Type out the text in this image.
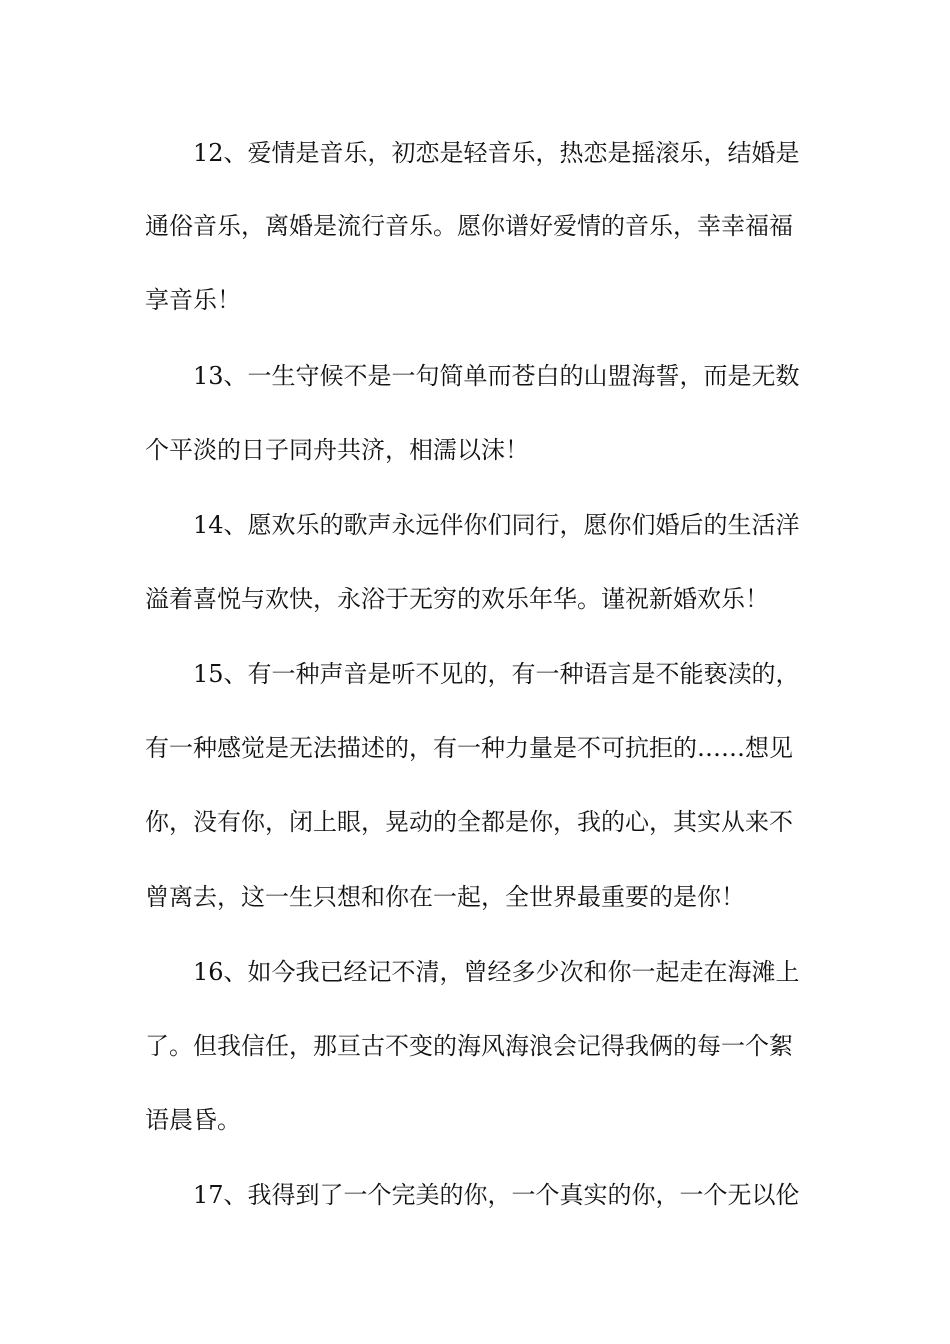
12、爱情是音乐，初恋是轻音乐，热恋是摇滚乐，结婚是
通俗音乐，离婚是流行音乐。愿你谱好爱情的音乐，幸幸福福
享音乐！
13、一生守候不是一句简单而苍白的山盟海誓，而是无数
个平淡的日子同舟共济，相濡以沫！
14、愿欢乐的歌声永远伴你们同行，愿你们婚后的生活洋
溢着喜悦与欢快，永浴于无穷的欢乐年华。谨祝新婚欢乐！
15、有一种声音是听不见的，有一种语言是不能亵渎的，
有一种感觉是无法描述的，有一种力量是不可抗拒的……想见
你，没有你，闭上眼，晃动的全都是你，我的心，其实从来不
曾离去，这一生只想和你在一起，全世界最重要的是你！
16、如今我已经记不清，曾经多少次和你一起走在海滩上
了。但我信任，那亘古不变的海风海浪会记得我俩的每一个絮
语晨昏。
17、我得到了一个完美的你，一个真实的你，一个无以伦
